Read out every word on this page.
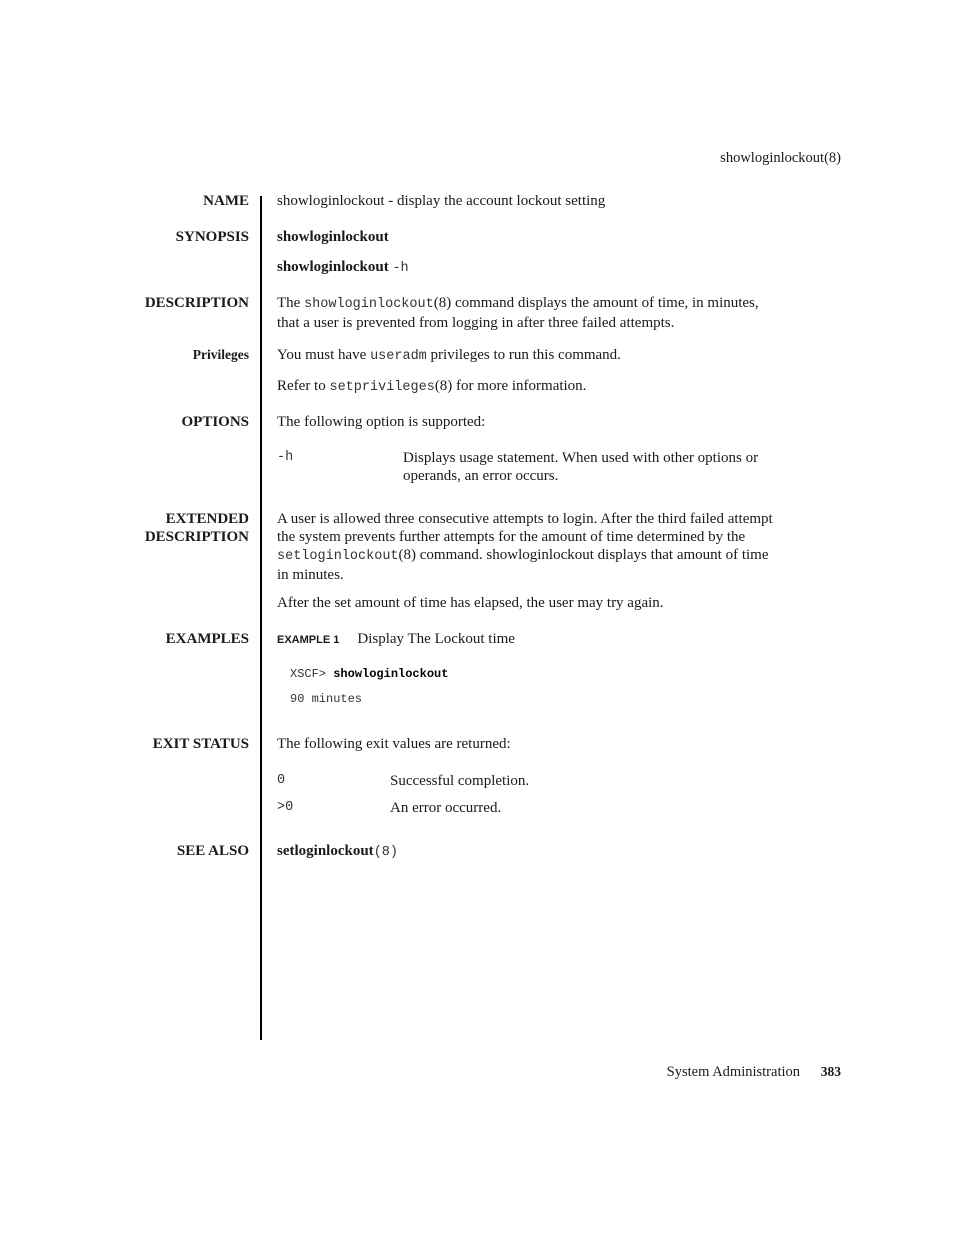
showloginlockout(8)
NAME showloginlockout - display the account lockout setting
SYNOPSIS showloginlockout
showloginlockout -h
DESCRIPTION The showloginlockout(8) command displays the amount of time, in minutes,
that a user is prevented from logging in after three failed attempts.
Privileges You must have useradm privileges to run this command.
Refer to setprivileges(8) for more information.
OPTIONS The following option is supported:
-h	Displays usage statement. When used with other options or
operands, an error occurs.
EXTENDED
DESCRIPTION
A user is allowed three consecutive attempts to login. After the third failed attempt
the system prevents further attempts for the amount of time determined by the
setloginlockout(8) command. showloginlockout displays that amount of time
in minutes.
After the set amount of time has elapsed, the user may try again.
EXAMPLES	EXAMPLE 1 Display The Lockout time
XSCF> showloginlockout
90 minutes
EXIT STATUS The following exit values are returned:
0	Successful completion.
>0	An error occurred.
SEE ALSO setloginlockout(8)
System Administration 383
